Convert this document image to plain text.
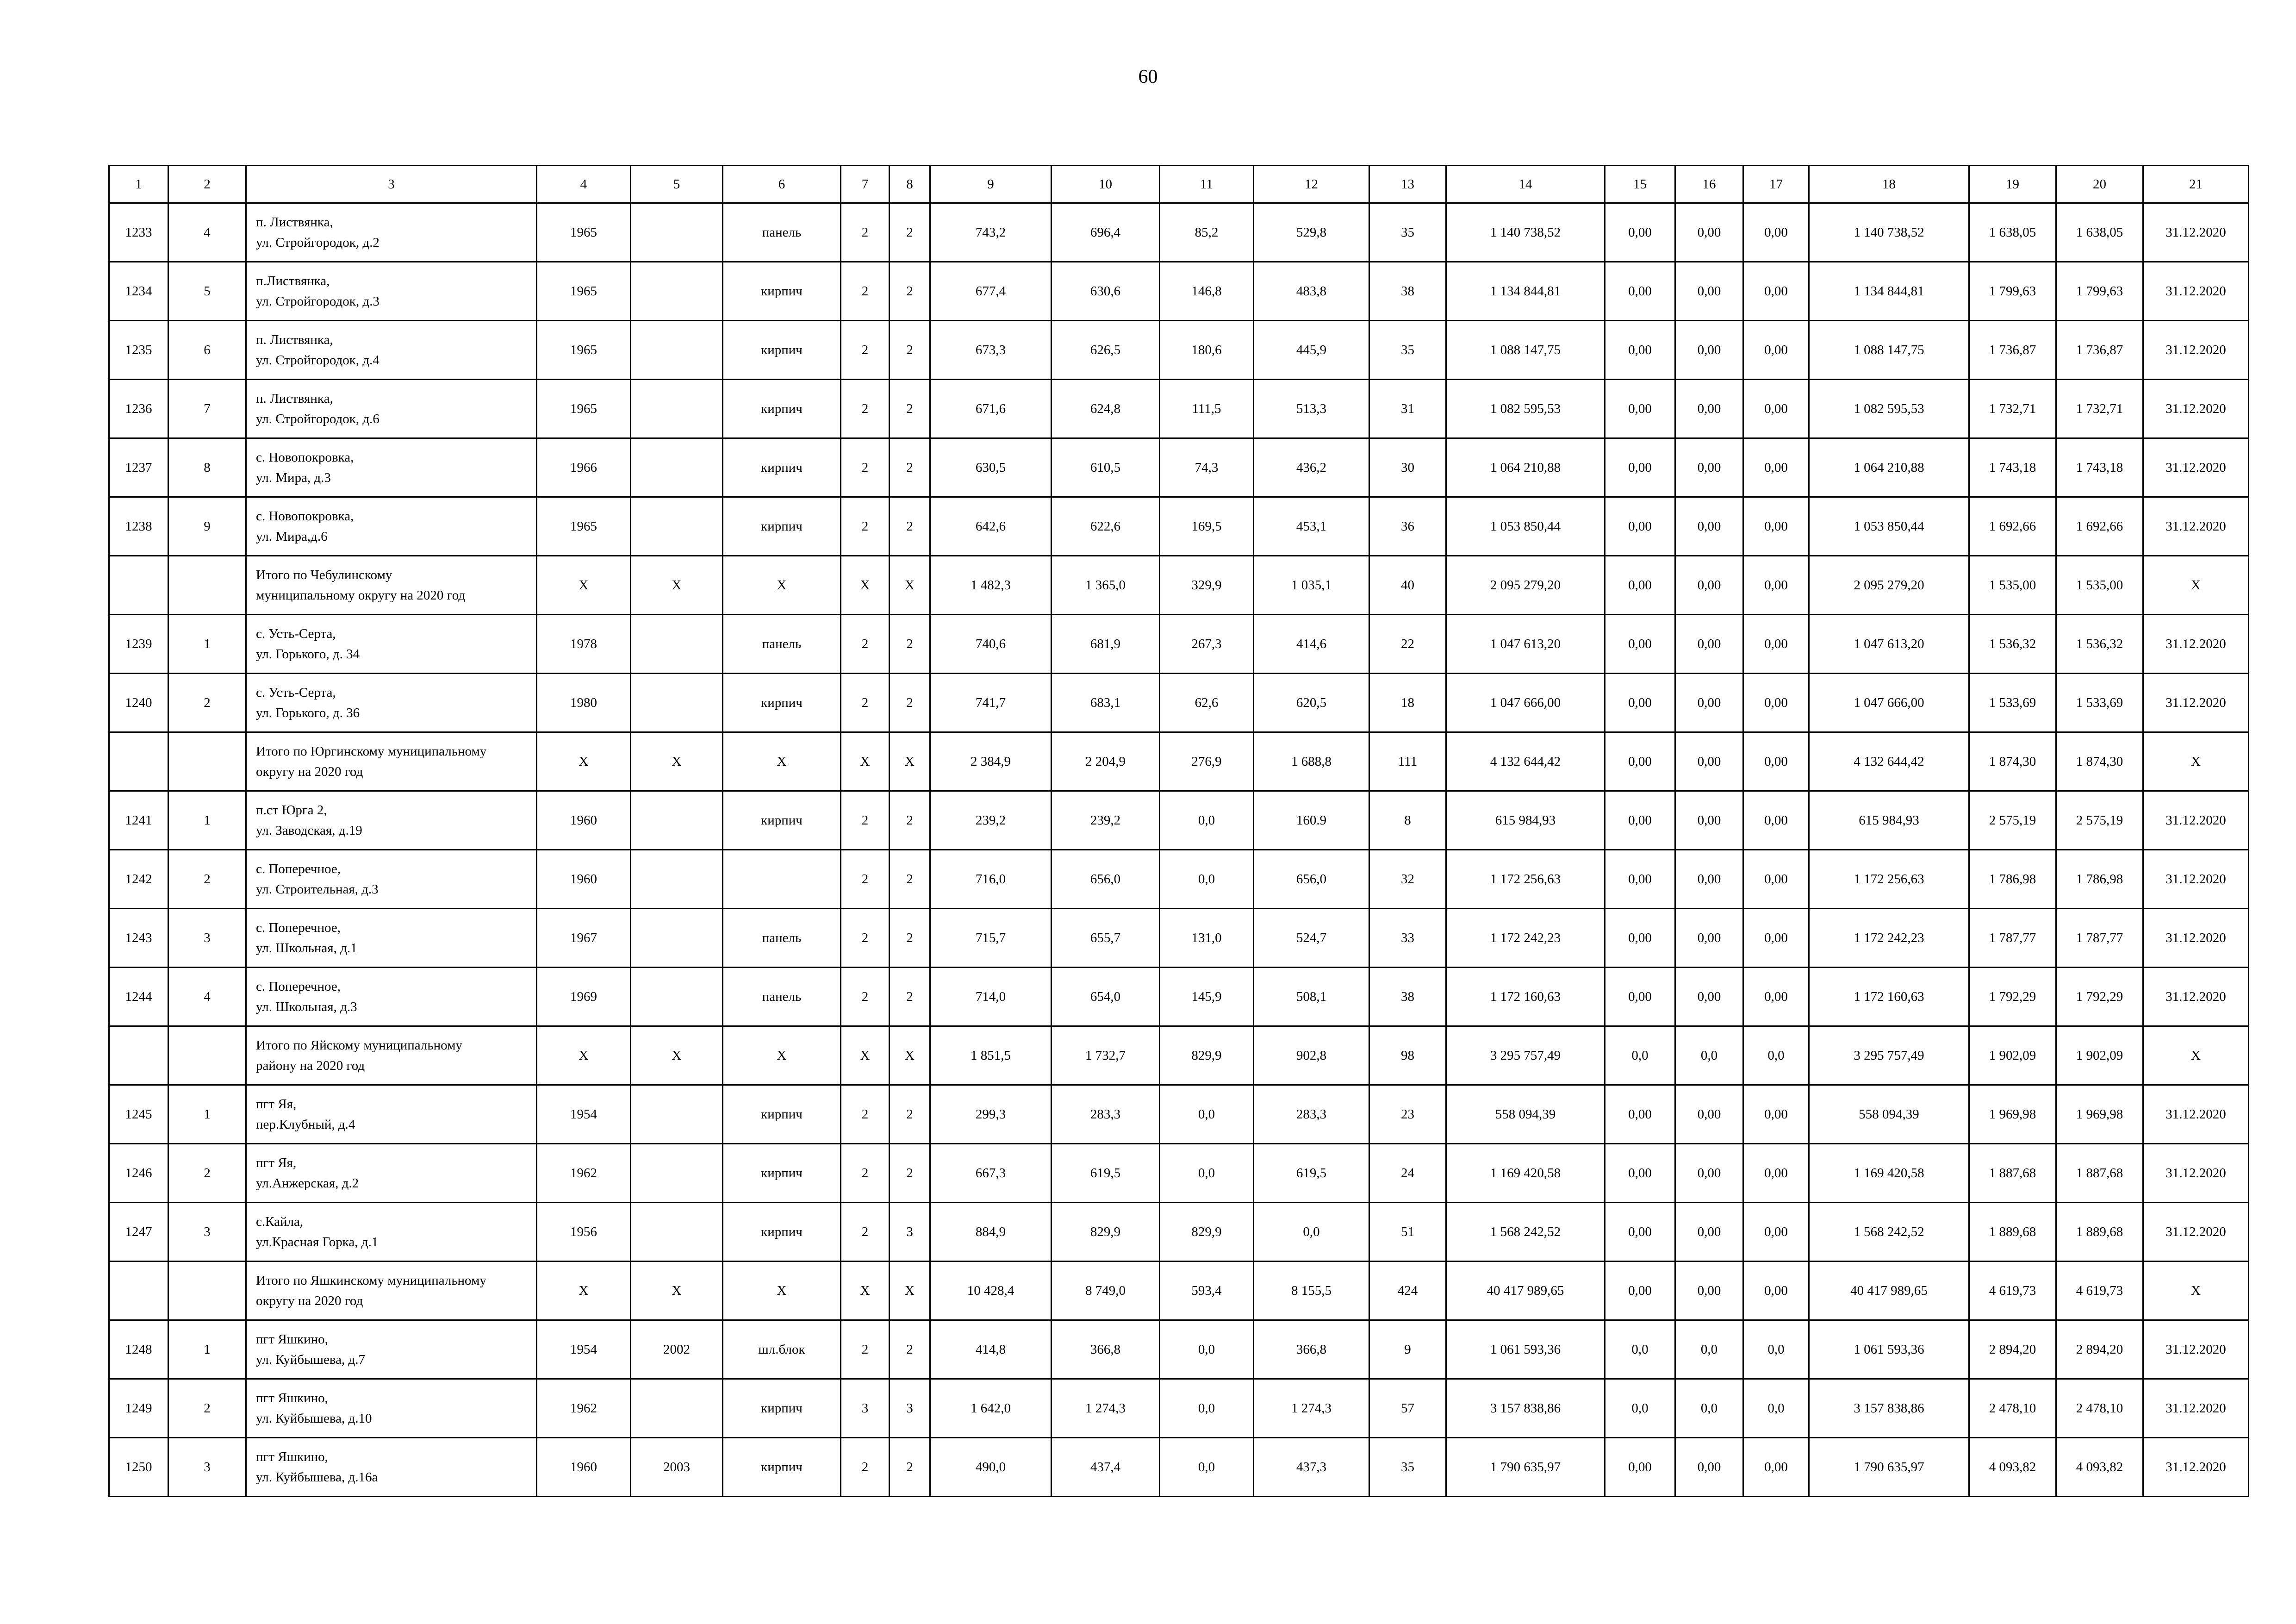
60
1	2	3	4	5	6	7	8	9	10	11	12	13	14	15	16	17	18	19	20	21
1233	4	п. Листвянка,
ул. Стройгородок, д.2	1965		панель	2	2	743,2	696,4	85,2	529,8	35	1 140 738,52	0,00	0,00	0,00	1 140 738,52	1 638,05	1 638,05	31.12.2020
1234	5	п.Листвянка,
ул. Стройгородок, д.3	1965		кирпич	2	2	677,4	630,6	146,8	483,8	38	1 134 844,81	0,00	0,00	0,00	1 134 844,81	1 799,63	1 799,63	31.12.2020
1235	6	п. Листвянка,
ул. Стройгородок, д.4	1965		кирпич	2	2	673,3	626,5	180,6	445,9	35	1 088 147,75	0,00	0,00	0,00	1 088 147,75	1 736,87	1 736,87	31.12.2020
1236	7	п. Листвянка,
ул. Стройгородок, д.6	1965		кирпич	2	2	671,6	624,8	111,5	513,3	31	1 082 595,53	0,00	0,00	0,00	1 082 595,53	1 732,71	1 732,71	31.12.2020
1237	8	с. Новопокровка,
ул. Мира, д.3	1966		кирпич	2	2	630,5	610,5	74,3	436,2	30	1 064 210,88	0,00	0,00	0,00	1 064 210,88	1 743,18	1 743,18	31.12.2020
1238	9	с. Новопокровка,
ул. Мира,д.6	1965		кирпич	2	2	642,6	622,6	169,5	453,1	36	1 053 850,44	0,00	0,00	0,00	1 053 850,44	1 692,66	1 692,66	31.12.2020
		Итого по Чебулинскому
муниципальному округу на 2020 год	X	X	X	X	X	1 482,3	1 365,0	329,9	1 035,1	40	2 095 279,20	0,00	0,00	0,00	2 095 279,20	1 535,00	1 535,00	X
1239	1	с. Усть-Серта,
ул. Горького, д. 34	1978		панель	2	2	740,6	681,9	267,3	414,6	22	1 047 613,20	0,00	0,00	0,00	1 047 613,20	1 536,32	1 536,32	31.12.2020
1240	2	с. Усть-Серта,
ул. Горького, д. 36	1980		кирпич	2	2	741,7	683,1	62,6	620,5	18	1 047 666,00	0,00	0,00	0,00	1 047 666,00	1 533,69	1 533,69	31.12.2020
		Итого по Юргинскому муниципальному
округу на 2020 год	X	X	X	X	X	2 384,9	2 204,9	276,9	1 688,8	111	4 132 644,42	0,00	0,00	0,00	4 132 644,42	1 874,30	1 874,30	X
1241	1	п.ст Юрга 2,
ул. Заводская, д.19	1960		кирпич	2	2	239,2	239,2	0,0	160.9	8	615 984,93	0,00	0,00	0,00	615 984,93	2 575,19	2 575,19	31.12.2020
1242	2	с. Поперечное,
ул. Строительная, д.3	1960			2	2	716,0	656,0	0,0	656,0	32	1 172 256,63	0,00	0,00	0,00	1 172 256,63	1 786,98	1 786,98	31.12.2020
1243	3	с. Поперечное,
ул. Школьная, д.1	1967		панель	2	2	715,7	655,7	131,0	524,7	33	1 172 242,23	0,00	0,00	0,00	1 172 242,23	1 787,77	1 787,77	31.12.2020
1244	4	с. Поперечное,
ул. Школьная, д.3	1969		панель	2	2	714,0	654,0	145,9	508,1	38	1 172 160,63	0,00	0,00	0,00	1 172 160,63	1 792,29	1 792,29	31.12.2020
		Итого по Яйскому муниципальному
району на 2020 год	X	X	X	X	X	1 851,5	1 732,7	829,9	902,8	98	3 295 757,49	0,0	0,0	0,0	3 295 757,49	1 902,09	1 902,09	X
1245	1	пгт Яя,
пер.Клубный, д.4	1954		кирпич	2	2	299,3	283,3	0,0	283,3	23	558 094,39	0,00	0,00	0,00	558 094,39	1 969,98	1 969,98	31.12.2020
1246	2	пгт Яя,
ул.Анжерская, д.2	1962		кирпич	2	2	667,3	619,5	0,0	619,5	24	1 169 420,58	0,00	0,00	0,00	1 169 420,58	1 887,68	1 887,68	31.12.2020
1247	3	с.Кайла,
ул.Красная Горка, д.1	1956		кирпич	2	3	884,9	829,9	829,9	0,0	51	1 568 242,52	0,00	0,00	0,00	1 568 242,52	1 889,68	1 889,68	31.12.2020
		Итого по Яшкинскому муниципальному
округу на 2020 год	X	X	X	X	X	10 428,4	8 749,0	593,4	8 155,5	424	40 417 989,65	0,00	0,00	0,00	40 417 989,65	4 619,73	4 619,73	X
1248	1	пгт Яшкино,
ул. Куйбышева, д.7	1954	2002	шл.блок	2	2	414,8	366,8	0,0	366,8	9	1 061 593,36	0,0	0,0	0,0	1 061 593,36	2 894,20	2 894,20	31.12.2020
1249	2	пгт Яшкино,
ул. Куйбышева, д.10	1962		кирпич	3	3	1 642,0	1 274,3	0,0	1 274,3	57	3 157 838,86	0,0	0,0	0,0	3 157 838,86	2 478,10	2 478,10	31.12.2020
1250	3	пгт Яшкино,
ул. Куйбышева, д.16а	1960	2003	кирпич	2	2	490,0	437,4	0,0	437,3	35	1 790 635,97	0,00	0,00	0,00	1 790 635,97	4 093,82	4 093,82	31.12.2020
